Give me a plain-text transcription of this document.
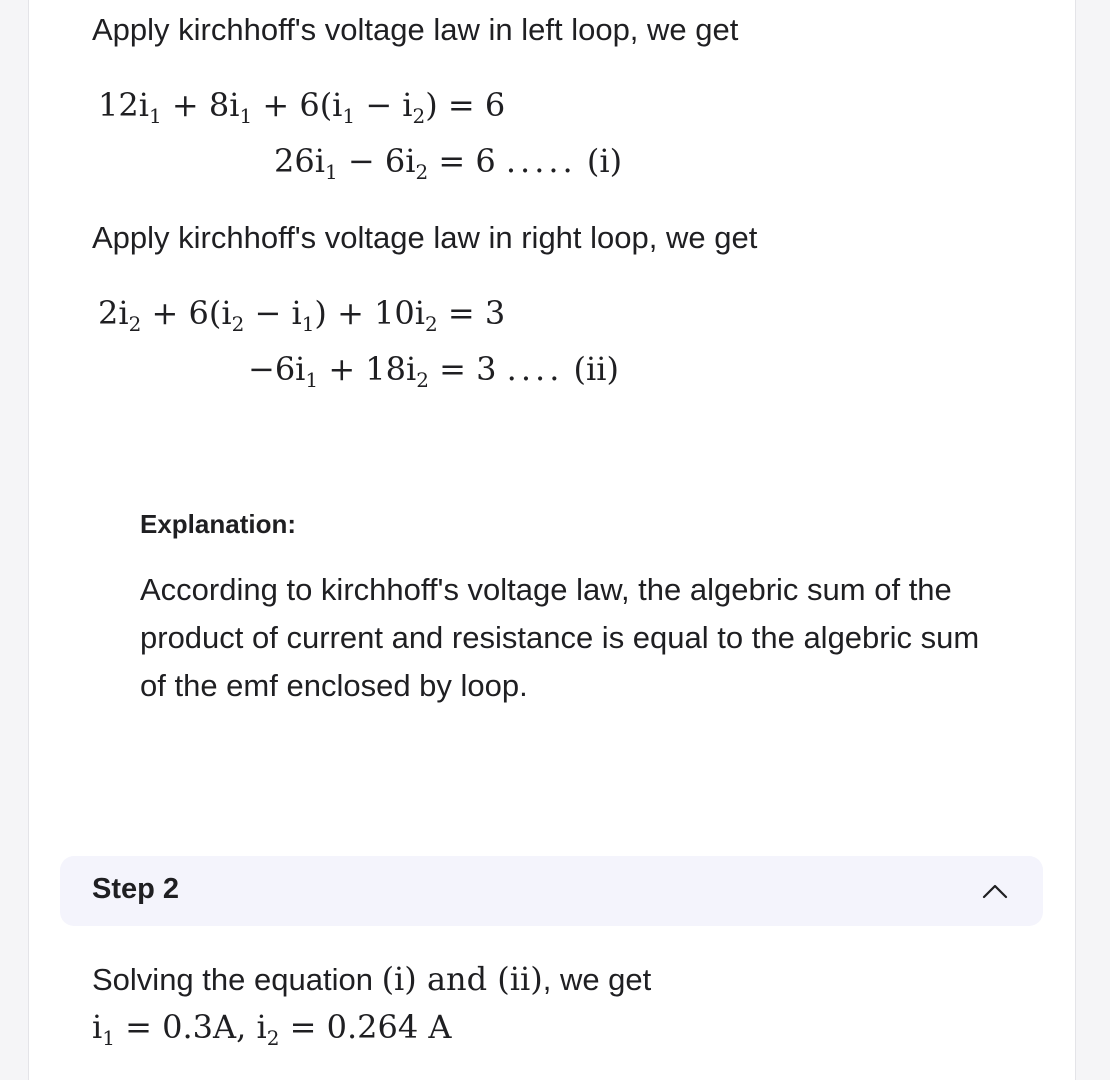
Apply kirchhoff's voltage law in left loop, we get
$12i_1 + 8i_1 + 6(i_1 - i_2) = 6$
$26i_1 - 6i_2 = 6$ ..... (i)
Apply kirchhoff's voltage law in right loop, we get
$2i_2 + 6(i_2 - i_1) + 10i_2 = 3$
$-6i_1 + 18i_2 = 3$ .... (ii)
Explanation:
According to kirchhoff's voltage law, the algebric sum of the product of current and resistance is equal to the algebric sum of the emf enclosed by loop.
Step 2
Solving the equation (i) and (ii), we get
$i_1 = 0.3A$, $i_2 = 0.264$ A
